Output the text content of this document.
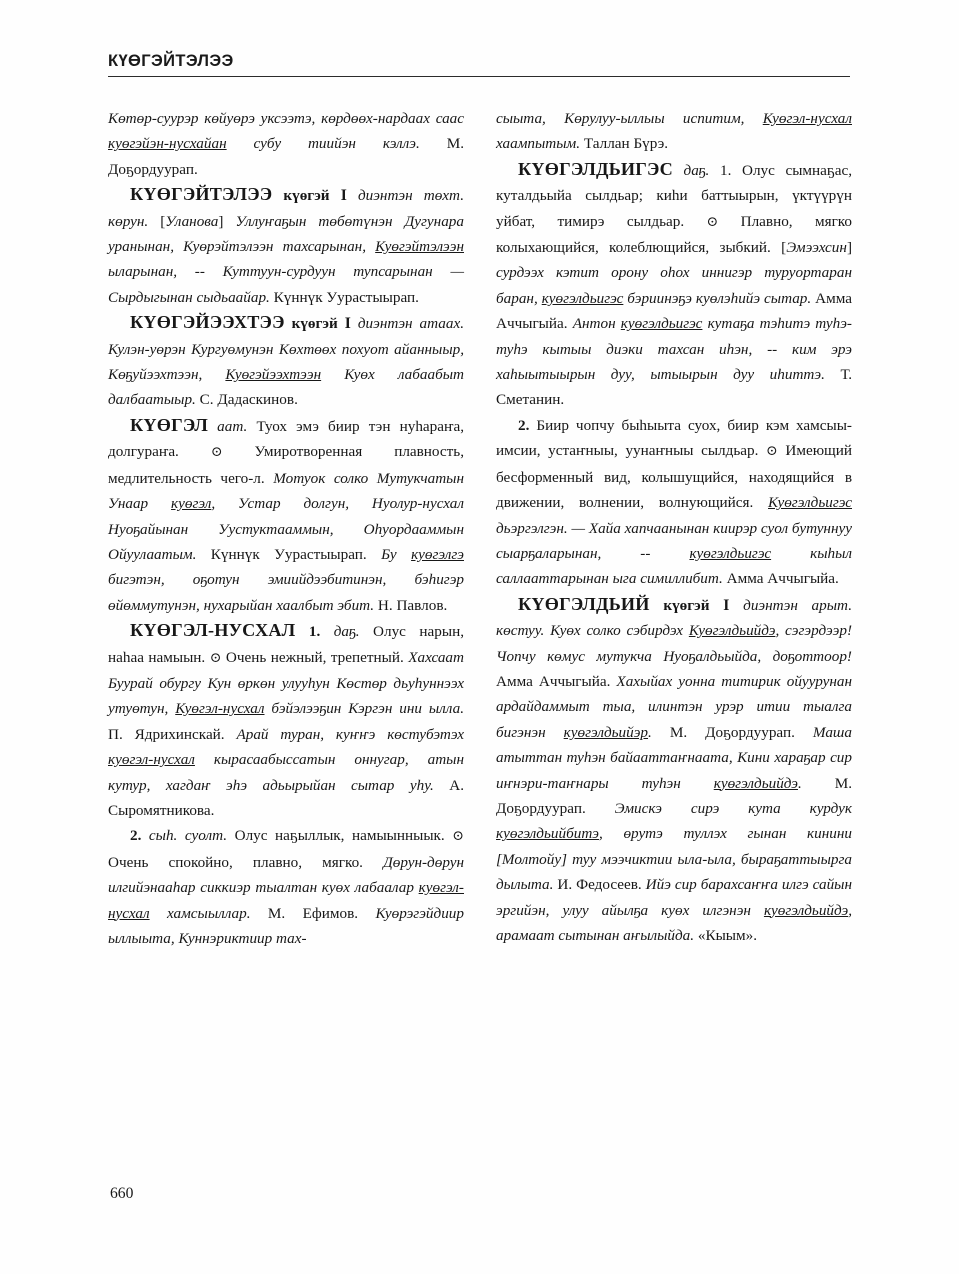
КҮӨГЭЙТЭЛЭЭ

Көтөр-суурэр көйуөрэ уксээтэ, көрдөөх-нардаах саас куөгэйэн-нусхайан субу тиийэн кэллэ. М. Доҕордуурап.

КҮӨГЭЙТЭЛЭЭ күөгэй I диэнтэн төхт. көрун. [Уланова] Уллуҥаҕын төбөтүнэн Дугунара уранынан, Куөрэйтэлээн тахсарынан, Куөгэйтэлээн ыларынан, -- Куттуун-сурдуун тупсарынан — Сырдыгынан сыдьаайар. Күннүк Уурастыырап.

КҮӨГЭЙЭЭХТЭЭ күөгэй I диэнтэн атаах. Кулэн-уөрэн Куpгуөмунэн Көхтөөх похуот айанныыр, Көҕуйээхтээн, Куөгэйээхтээн Куөх лабаабыт далбаатыыр. С. Дадаскинов.

КҮӨГЭЛ аат. Туох эмэ биир тэн нуһараҥа, долгураҥа. ⊙ Умиротворенная плавность, медлительность чего-л. Мотуок солко Мутукчатын Унаар куөгэл, Устар долгун, Нуолур-нусхал Нуоҕайынан Уустуктааммын, Оһуордааммын Ойуулаатым. Күннүк Уурастыырап. Бу куөгэлгэ бигэтэн, оҕотун эмиийдээбитинэн, бэһигэр өйөммутунэн, нухарыйан хаалбыт эбит. Н. Павлов.

КҮӨГЭЛ-НУСХАЛ 1. даҕ. Олус нарын, наһаа намыын. ⊙ Очень нежный, трепетный. Хахсаат Буурай обургу Кун өркөн улууһун Көстөр дьуһуннээх утуөтун, Куөгэл-нусхал бэйэлээҕин Кэргэн ини ылла. П. Ядрихинскай. Арай туран, куҥҥэ көстубэтэх куөгэл-нусхал кырасаабыссатын оннугар, атын кутур, хагдаҥ эһэ адьырыйан сытар уһу. А. Сыромятникова.

2. сыһ. суолт. Олус наҕыллык, намыынныык. ⊙ Очень спокойно, плавно, мягко. Дөрун-дөрун илгийэнааһар сиккиэр тыалтан куөх лабаалар куөгэл-нусхал хамсыыллар. М. Ефимов. Куөрэгэйдиир ыллыыта, Куннэриктиир тах-

сыыта, Көрулуу-ыллыы испитим, Куөгэл-нусхал хаампытым. Таллан Бүрэ.

КҮӨГЭЛДЬИГЭС даҕ. 1. Олус сымнаҕас, куталдьыйа сылдьар; киһи баттыырын, үктүүрүн уйбат, тимирэ сылдьар. ⊙ Плавно, мягко колыхающийся, колеблющийся, зыбкий. [Эмээхсин] сурдээх кэтит орону оһох иннигэр туруортаран баран, куөгэлдьигэс бэриинэҕэ куөлэһийэ сытар. Амма Аччыгыйа. Антон куөгэлдьигэс кутаҕа тэһитэ туһэ-туһэ кытыы диэки тахсан иһэн, -- ким эрэ хаһыытыырын дуу, ытыырын дуу иһиттэ. Т. Сметанин.

2. Биир чопчу быһыыта суох, биир кэм хамсыы-имсии, устаҥныы, уунаҥныы сылдьар. ⊙ Имеющий бесформенный вид, колышущийся, находящийся в движении, волнении, волнующийся. Куөгэлдьигэс дьэргэлгэн. — Хайа хапчаанынан киирэр суол бутуннуу сыарҕаларынан, -- куөгэлдьигэс кыһыл саллааттарынан ыга симиллибит. Амма Аччыгыйа.

КҮӨГЭЛДЬИЙ күөгэй I диэнтэн арыт. көстуу. Куөх солко сэбирдэх Куөгэлдьийдэ, сэгэрдээр! Чопчу көмус мутукча Нуоҕалдьыйда, доҕоттоор! Амма Аччыгыйа. Хахыйах уонна титирик ойуурунан ардайдаммыт тыа, илинтэн урэр итии тыалга бигэнэн куөгэлдьийэр. М. Доҕордуурап. Маша атыттан туһэн байааттаҥнаата, Кини хараҕар сир иҥнэри-таҥнары туһэн куөгэлдьийдэ. М. Доҕордуурап. Эмискэ сирэ кута курдук куөгэлдьийбитэ, өрутэ туллэх гынан кинини [Молтойу] туу мээчиктии ыла-ыла, быраҕаттыырга дылыта. И. Федосеев. Ийэ сир барахсаҥҥа илгэ сайын эргийэн, улуу айылҕа куөх илгэнэн куөгэлдьийдэ, арамаат сытынан аҥылыйда. «Кыым».

660
